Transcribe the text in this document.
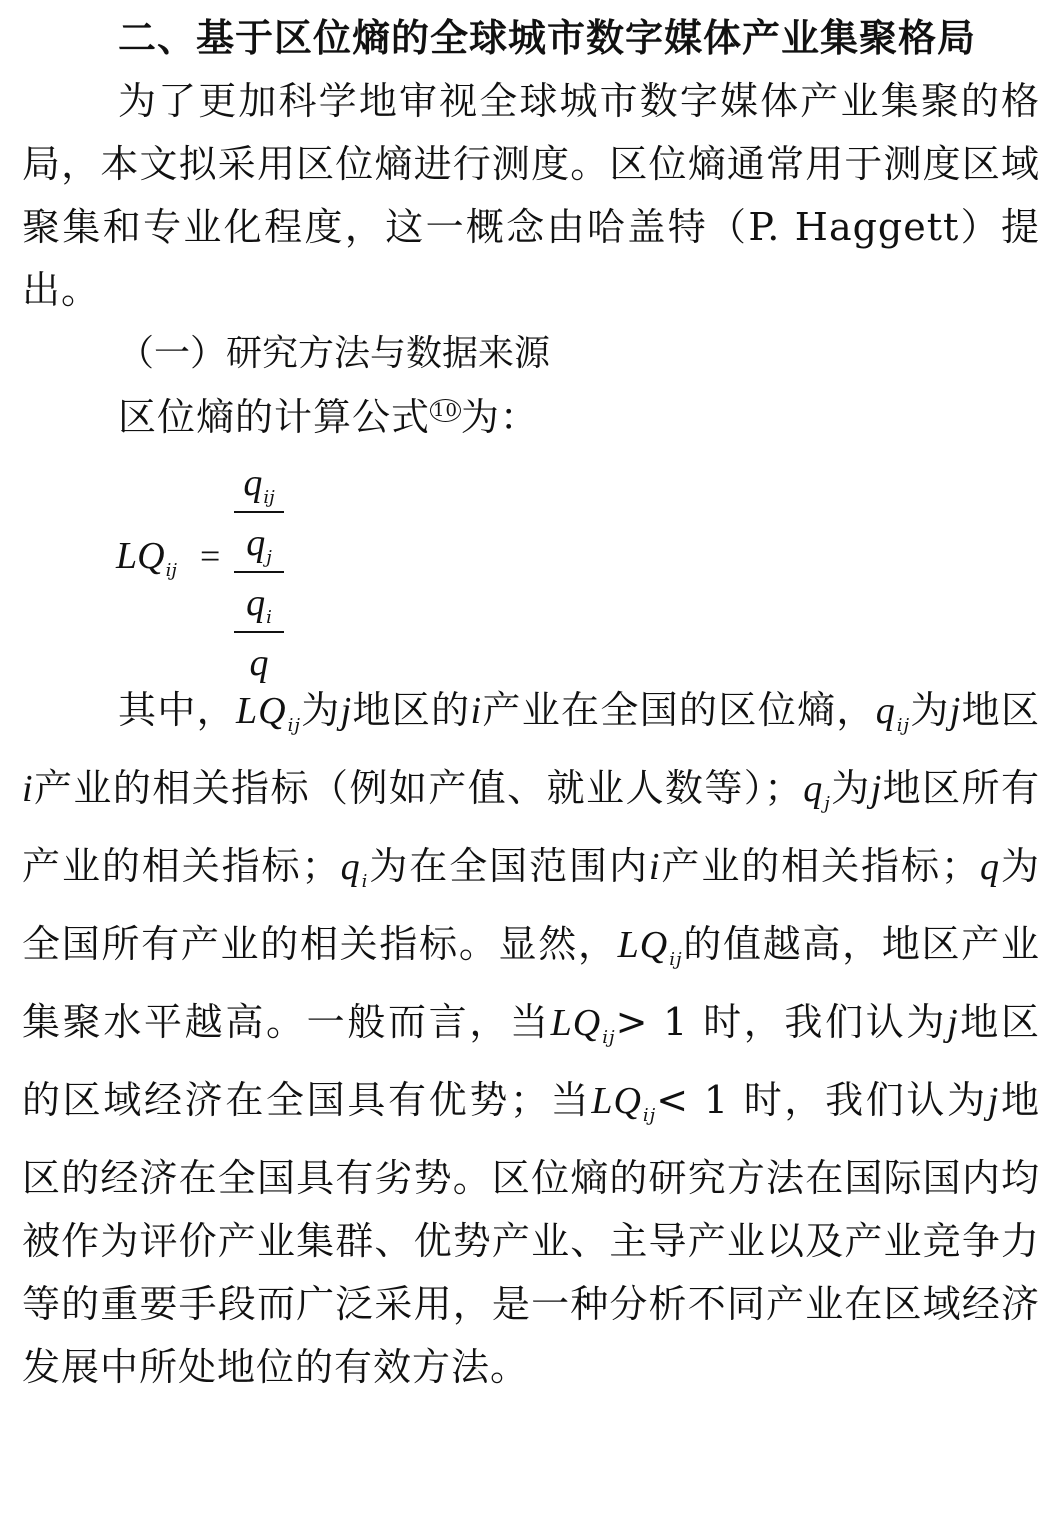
二、基于区位熵的全球城市数字媒体产业集聚格局

为了更加科学地审视全球城市数字媒体产业集聚的格局，本文拟采用区位熵进行测度。区位熵通常用于测度区域聚集和专业化程度，这一概念由哈盖特（P. Haggett）提出。

（一）研究方法与数据来源

区位熵的计算公式 $^{10}$为：

$LQ_{ij}$ =
$q_{ij}$
$q_j$
$q_i$
q

其中，$LQ_{ij}$为j地区的i产业在全国的区位熵，$q_{ij}$为j地区i产业的相关指标（例如产值、就业人数等）；$q_j$为j地区所有产业的相关指标；$q_i$为在全国范围内i产业的相关指标；q为全国所有产业的相关指标。显然，$LQ_{ij}$的值越高，地区产业集聚水平越高。一般而言，当$LQ_{ij}> 1$ 时，我们认为j地区的区域经济在全国具有优势；当$LQ_{ij}< 1$ 时，我们认为j地区的经济在全国具有劣势。区位熵的研究方法在国际国内均被作为评价产业集群、优势产业、主导产业以及产业竞争力等的重要手段而广泛采用，是一种分析不同产业在区域经济发展中所处地位的有效方法。
